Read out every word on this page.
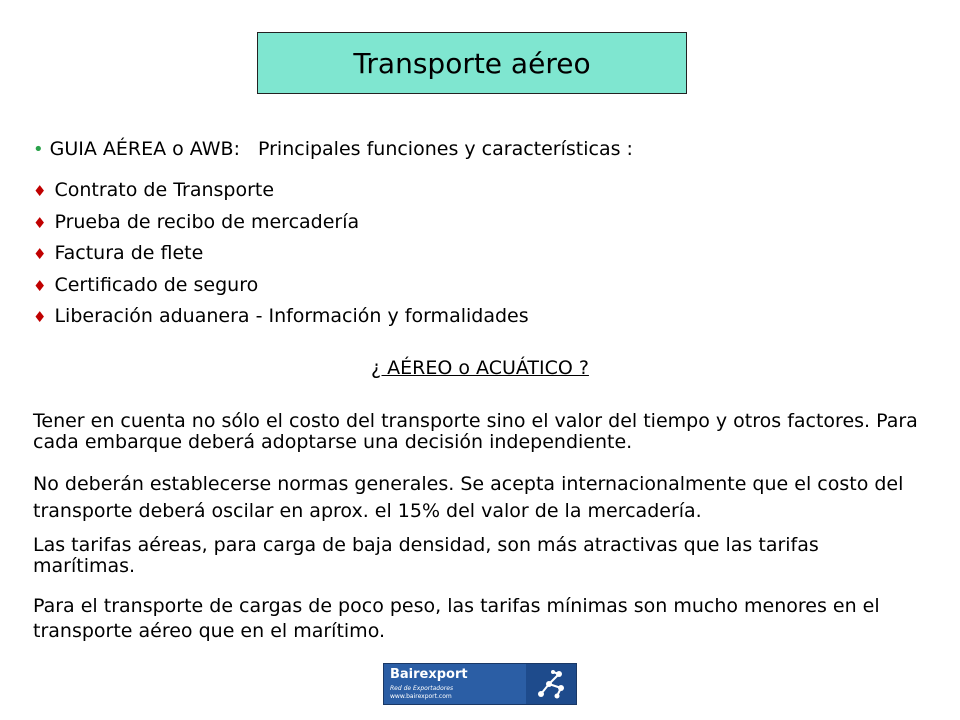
Transporte aéreo
• GUIA AÉREA o AWB: Principales funciones y características :
♦ Contrato de Transporte
♦ Prueba de recibo de mercadería
♦ Factura de flete
♦ Certificado de seguro
♦ Liberación aduanera - Información y formalidades
¿ AÉREO o ACUÁTICO ?

Tener en cuenta no sólo el costo del transporte sino el valor del tiempo y otros factores. Para cada embarque deberá adoptarse una decisión independiente.

No deberán establecerse normas generales. Se acepta internacionalmente que el costo del transporte deberá oscilar en aprox. el 15% del valor de la mercadería.

Las tarifas aéreas, para carga de baja densidad, son más atractivas que las tarifas marítimas.

Para el transporte de cargas de poco peso, las tarifas mínimas son mucho menores en el transporte aéreo que en el marítimo.

Bairexport
Red de Exportadores
www.bairexport.com
